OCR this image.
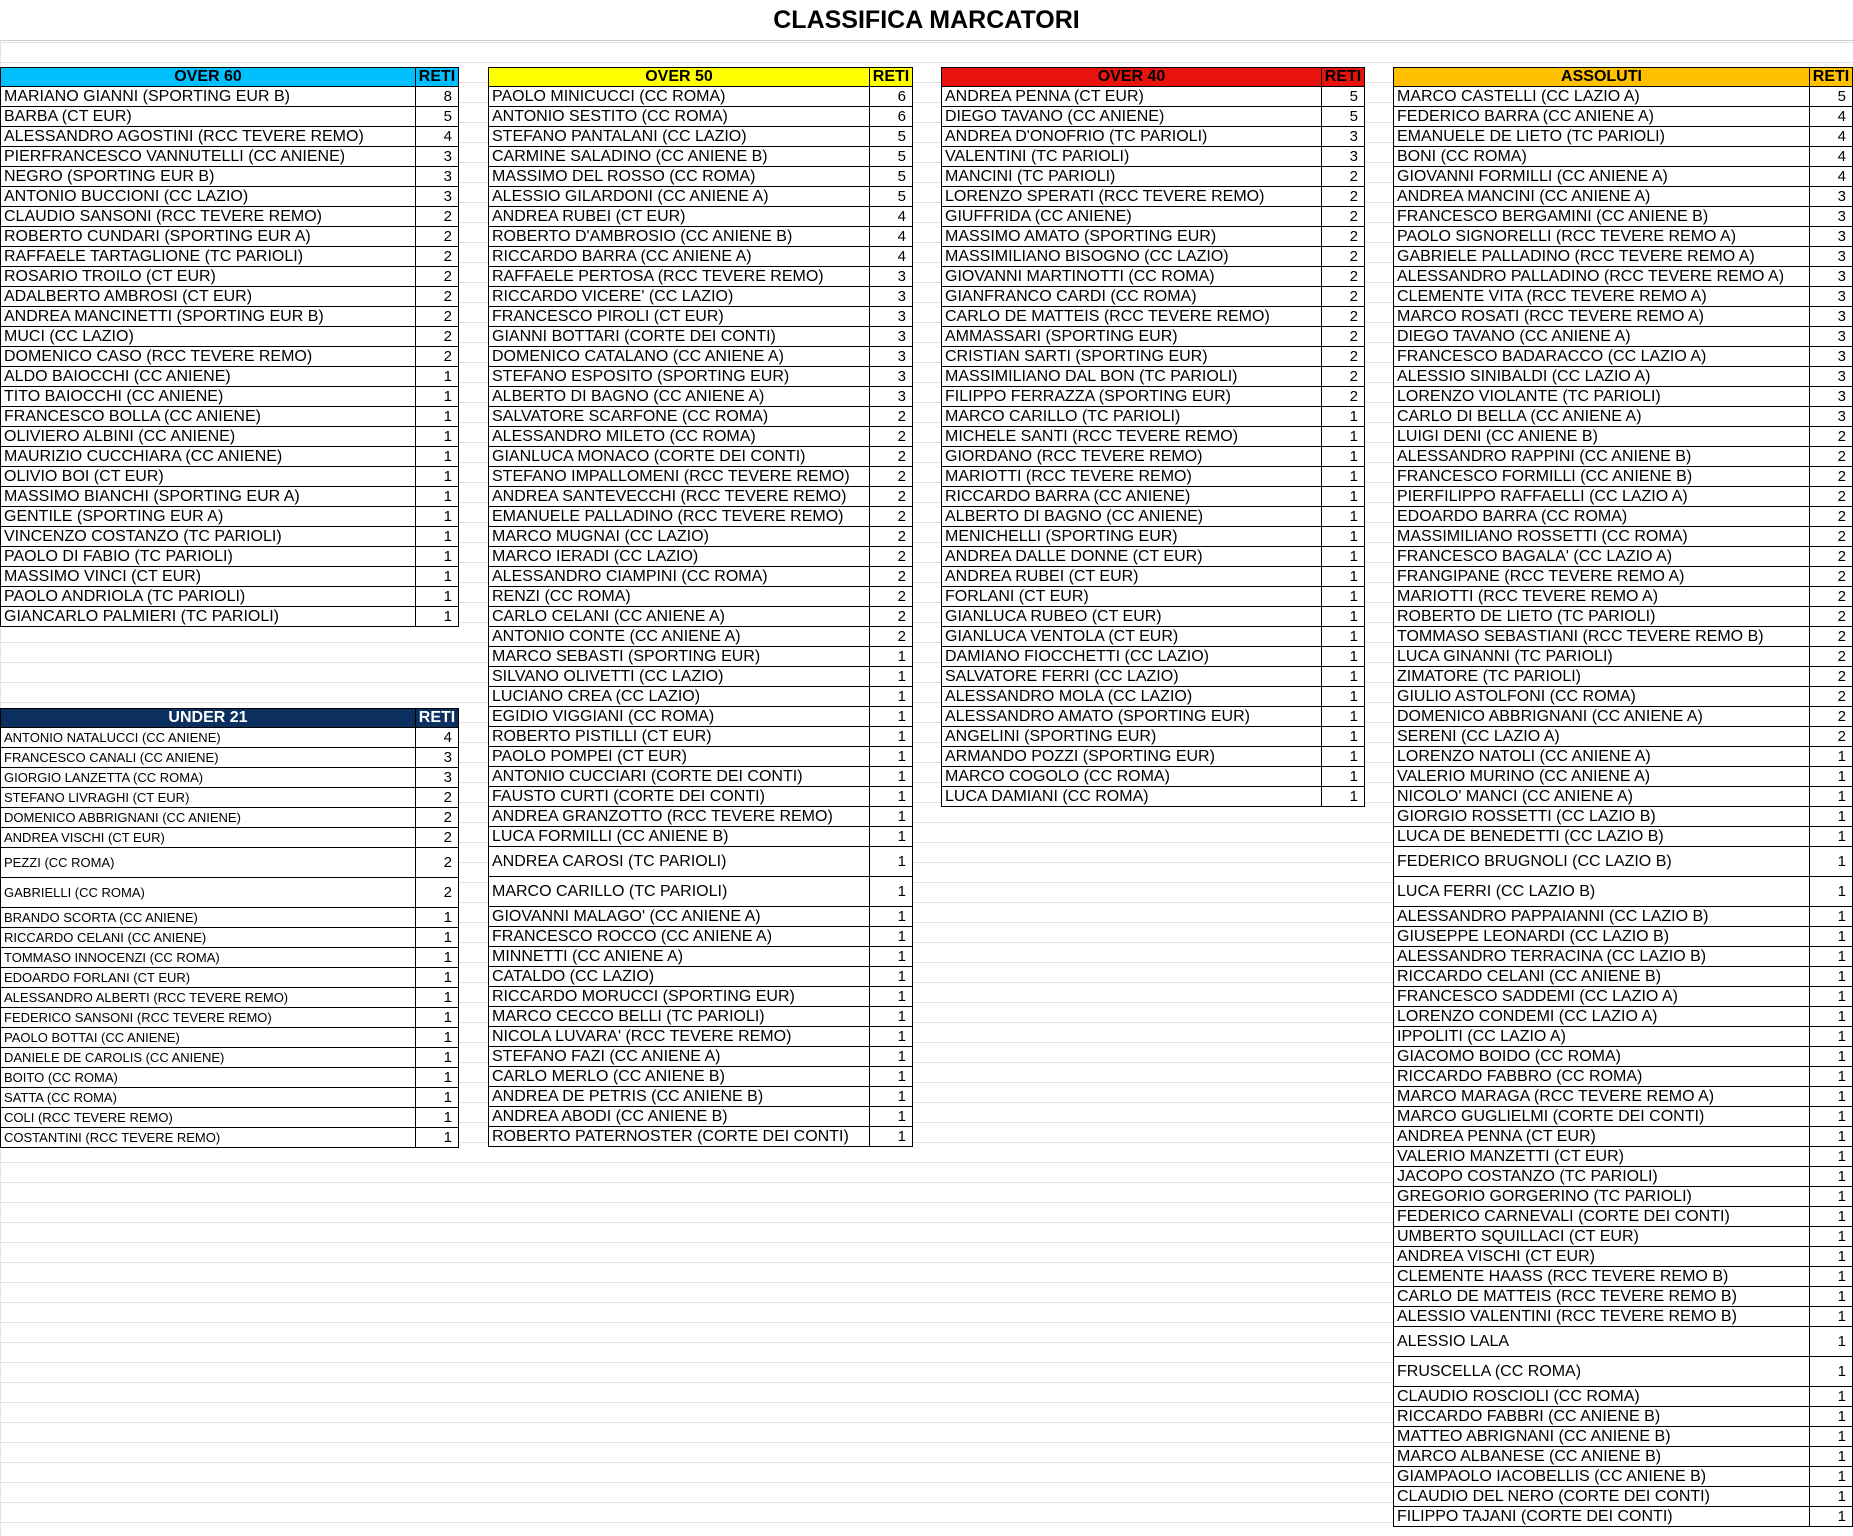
CLASSIFICA MARCATORI
OVER 60	RETI
MARIANO GIANNI (SPORTING EUR B)	8
BARBA (CT EUR)	5
ALESSANDRO AGOSTINI (RCC TEVERE REMO)	4
PIERFRANCESCO VANNUTELLI (CC ANIENE)	3
NEGRO (SPORTING EUR B)	3
ANTONIO BUCCIONI (CC LAZIO)	3
CLAUDIO SANSONI (RCC TEVERE REMO)	2
ROBERTO CUNDARI (SPORTING EUR A)	2
RAFFAELE TARTAGLIONE (TC PARIOLI)	2
ROSARIO TROILO (CT EUR)	2
ADALBERTO AMBROSI (CT EUR)	2
ANDREA MANCINETTI (SPORTING EUR B)	2
MUCI (CC LAZIO)	2
DOMENICO CASO (RCC TEVERE REMO)	2
ALDO BAIOCCHI (CC ANIENE)	1
TITO BAIOCCHI (CC ANIENE)	1
FRANCESCO BOLLA (CC ANIENE)	1
OLIVIERO ALBINI (CC ANIENE)	1
MAURIZIO CUCCHIARA (CC ANIENE)	1
OLIVIO BOI (CT EUR)	1
MASSIMO BIANCHI (SPORTING EUR A)	1
GENTILE (SPORTING EUR A)	1
VINCENZO COSTANZO (TC PARIOLI)	1
PAOLO DI FABIO (TC PARIOLI)	1
MASSIMO VINCI (CT EUR)	1
PAOLO ANDRIOLA (TC PARIOLI)	1
GIANCARLO PALMIERI (TC PARIOLI)	1
UNDER 21	RETI
ANTONIO NATALUCCI (CC ANIENE)	4
FRANCESCO CANALI (CC ANIENE)	3
GIORGIO LANZETTA (CC ROMA)	3
STEFANO LIVRAGHI (CT EUR)	2
DOMENICO ABBRIGNANI (CC ANIENE)	2
ANDREA VISCHI (CT EUR)	2
PEZZI (CC ROMA)	2
GABRIELLI (CC ROMA)	2
BRANDO SCORTA (CC ANIENE)	1
RICCARDO CELANI (CC ANIENE)	1
TOMMASO INNOCENZI (CC ROMA)	1
EDOARDO FORLANI (CT EUR)	1
ALESSANDRO ALBERTI (RCC TEVERE REMO)	1
FEDERICO SANSONI (RCC TEVERE REMO)	1
PAOLO BOTTAI (CC ANIENE)	1
DANIELE DE CAROLIS (CC ANIENE)	1
BOITO (CC ROMA)	1
SATTA (CC ROMA)	1
COLI (RCC TEVERE REMO)	1
COSTANTINI (RCC TEVERE REMO)	1
OVER 50	RETI
PAOLO MINICUCCI (CC ROMA)	6
ANTONIO SESTITO (CC ROMA)	6
STEFANO PANTALANI (CC LAZIO)	5
CARMINE SALADINO (CC ANIENE B)	5
MASSIMO DEL ROSSO (CC ROMA)	5
ALESSIO GILARDONI (CC ANIENE A)	5
ANDREA RUBEI (CT EUR)	4
ROBERTO D'AMBROSIO (CC ANIENE B)	4
RICCARDO BARRA (CC ANIENE A)	4
RAFFAELE PERTOSA (RCC TEVERE REMO)	3
RICCARDO VICERE' (CC LAZIO)	3
FRANCESCO PIROLI (CT EUR)	3
GIANNI BOTTARI (CORTE DEI CONTI)	3
DOMENICO CATALANO (CC ANIENE A)	3
STEFANO ESPOSITO (SPORTING EUR)	3
ALBERTO DI BAGNO (CC ANIENE A)	3
SALVATORE SCARFONE (CC ROMA)	2
ALESSANDRO MILETO (CC ROMA)	2
GIANLUCA MONACO (CORTE DEI CONTI)	2
STEFANO IMPALLOMENI (RCC TEVERE REMO)	2
ANDREA SANTEVECCHI (RCC TEVERE REMO)	2
EMANUELE PALLADINO (RCC TEVERE REMO)	2
MARCO MUGNAI (CC LAZIO)	2
MARCO IERADI (CC LAZIO)	2
ALESSANDRO CIAMPINI (CC ROMA)	2
RENZI (CC ROMA)	2
CARLO CELANI (CC ANIENE A)	2
ANTONIO CONTE (CC ANIENE A)	2
MARCO SEBASTI (SPORTING EUR)	1
SILVANO OLIVETTI (CC LAZIO)	1
LUCIANO CREA (CC LAZIO)	1
EGIDIO VIGGIANI (CC ROMA)	1
ROBERTO PISTILLI (CT EUR)	1
PAOLO POMPEI (CT EUR)	1
ANTONIO CUCCIARI (CORTE DEI CONTI)	1
FAUSTO CURTI (CORTE DEI CONTI)	1
ANDREA GRANZOTTO (RCC TEVERE REMO)	1
LUCA FORMILLI (CC ANIENE B)	1
ANDREA CAROSI (TC PARIOLI)	1
MARCO CARILLO (TC PARIOLI)	1
GIOVANNI MALAGO' (CC ANIENE A)	1
FRANCESCO ROCCO (CC ANIENE A)	1
MINNETTI (CC ANIENE A)	1
CATALDO (CC LAZIO)	1
RICCARDO MORUCCI (SPORTING EUR)	1
MARCO CECCO BELLI (TC PARIOLI)	1
NICOLA LUVARA' (RCC TEVERE REMO)	1
STEFANO FAZI (CC ANIENE A)	1
CARLO MERLO (CC ANIENE B)	1
ANDREA DE PETRIS (CC ANIENE B)	1
ANDREA ABODI (CC ANIENE B)	1
ROBERTO PATERNOSTER (CORTE DEI CONTI)	1
OVER 40	RETI
ANDREA PENNA (CT EUR)	5
DIEGO TAVANO (CC ANIENE)	5
ANDREA D'ONOFRIO (TC PARIOLI)	3
VALENTINI (TC PARIOLI)	3
MANCINI (TC PARIOLI)	2
LORENZO SPERATI (RCC TEVERE REMO)	2
GIUFFRIDA (CC ANIENE)	2
MASSIMO AMATO (SPORTING EUR)	2
MASSIMILIANO BISOGNO (CC LAZIO)	2
GIOVANNI MARTINOTTI (CC ROMA)	2
GIANFRANCO CARDI (CC ROMA)	2
CARLO DE MATTEIS (RCC TEVERE REMO)	2
AMMASSARI (SPORTING EUR)	2
CRISTIAN SARTI (SPORTING EUR)	2
MASSIMILIANO DAL BON (TC PARIOLI)	2
FILIPPO FERRAZZA (SPORTING EUR)	2
MARCO CARILLO (TC PARIOLI)	1
MICHELE SANTI (RCC TEVERE REMO)	1
GIORDANO (RCC TEVERE REMO)	1
MARIOTTI (RCC TEVERE REMO)	1
RICCARDO BARRA (CC ANIENE)	1
ALBERTO DI BAGNO (CC ANIENE)	1
MENICHELLI (SPORTING EUR)	1
ANDREA DALLE DONNE (CT EUR)	1
ANDREA RUBEI (CT EUR)	1
FORLANI (CT EUR)	1
GIANLUCA RUBEO (CT EUR)	1
GIANLUCA VENTOLA (CT EUR)	1
DAMIANO FIOCCHETTI (CC LAZIO)	1
SALVATORE FERRI (CC LAZIO)	1
ALESSANDRO MOLA (CC LAZIO)	1
ALESSANDRO AMATO (SPORTING EUR)	1
ANGELINI (SPORTING EUR)	1
ARMANDO POZZI (SPORTING EUR)	1
MARCO COGOLO (CC ROMA)	1
LUCA DAMIANI (CC ROMA)	1
ASSOLUTI	RETI
MARCO CASTELLI (CC LAZIO A)	5
FEDERICO BARRA (CC ANIENE A)	4
EMANUELE DE LIETO (TC PARIOLI)	4
BONI (CC ROMA)	4
GIOVANNI FORMILLI (CC ANIENE A)	4
ANDREA MANCINI (CC ANIENE A)	3
FRANCESCO BERGAMINI (CC ANIENE B)	3
PAOLO SIGNORELLI (RCC TEVERE REMO A)	3
GABRIELE PALLADINO (RCC TEVERE REMO A)	3
ALESSANDRO PALLADINO (RCC TEVERE REMO A)	3
CLEMENTE VITA (RCC TEVERE REMO A)	3
MARCO ROSATI (RCC TEVERE REMO A)	3
DIEGO TAVANO (CC ANIENE A)	3
FRANCESCO BADARACCO (CC LAZIO A)	3
ALESSIO SINIBALDI (CC LAZIO A)	3
LORENZO VIOLANTE (TC PARIOLI)	3
CARLO DI BELLA (CC ANIENE A)	3
LUIGI DENI (CC ANIENE B)	2
ALESSANDRO RAPPINI (CC ANIENE B)	2
FRANCESCO FORMILLI (CC ANIENE B)	2
PIERFILIPPO RAFFAELLI (CC LAZIO A)	2
EDOARDO BARRA (CC ROMA)	2
MASSIMILIANO ROSSETTI (CC ROMA)	2
FRANCESCO BAGALA' (CC LAZIO A)	2
FRANGIPANE (RCC TEVERE REMO A)	2
MARIOTTI (RCC TEVERE REMO A)	2
ROBERTO DE LIETO (TC PARIOLI)	2
TOMMASO SEBASTIANI (RCC TEVERE REMO B)	2
LUCA GINANNI (TC PARIOLI)	2
ZIMATORE (TC PARIOLI)	2
GIULIO ASTOLFONI (CC ROMA)	2
DOMENICO ABBRIGNANI (CC ANIENE A)	2
SERENI (CC LAZIO A)	2
LORENZO NATOLI (CC ANIENE A)	1
VALERIO MURINO (CC ANIENE A)	1
NICOLO' MANCI (CC ANIENE A)	1
GIORGIO ROSSETTI (CC LAZIO B)	1
LUCA DE BENEDETTI (CC LAZIO B)	1
FEDERICO BRUGNOLI (CC LAZIO B)	1
LUCA FERRI (CC LAZIO B)	1
ALESSANDRO PAPPAIANNI (CC LAZIO B)	1
GIUSEPPE LEONARDI (CC LAZIO B)	1
ALESSANDRO TERRACINA (CC LAZIO B)	1
RICCARDO CELANI (CC ANIENE B)	1
FRANCESCO SADDEMI (CC LAZIO A)	1
LORENZO CONDEMI (CC LAZIO A)	1
IPPOLITI (CC LAZIO A)	1
GIACOMO BOIDO (CC ROMA)	1
RICCARDO FABBRO (CC ROMA)	1
MARCO MARAGA (RCC TEVERE REMO A)	1
MARCO GUGLIELMI (CORTE DEI CONTI)	1
ANDREA PENNA (CT EUR)	1
VALERIO MANZETTI (CT EUR)	1
JACOPO COSTANZO (TC PARIOLI)	1
GREGORIO GORGERINO (TC PARIOLI)	1
FEDERICO CARNEVALI (CORTE DEI CONTI)	1
UMBERTO SQUILLACI (CT EUR)	1
ANDREA VISCHI (CT EUR)	1
CLEMENTE HAASS (RCC TEVERE REMO B)	1
CARLO DE MATTEIS (RCC TEVERE REMO B)	1
ALESSIO VALENTINI (RCC TEVERE REMO B)	1
ALESSIO LALA	1
FRUSCELLA (CC ROMA)	1
CLAUDIO ROSCIOLI (CC ROMA)	1
RICCARDO FABBRI (CC ANIENE B)	1
MATTEO ABRIGNANI (CC ANIENE B)	1
MARCO ALBANESE (CC ANIENE B)	1
GIAMPAOLO IACOBELLIS (CC ANIENE B)	1
CLAUDIO DEL NERO (CORTE DEI CONTI)	1
FILIPPO TAJANI (CORTE DEI CONTI)	1
